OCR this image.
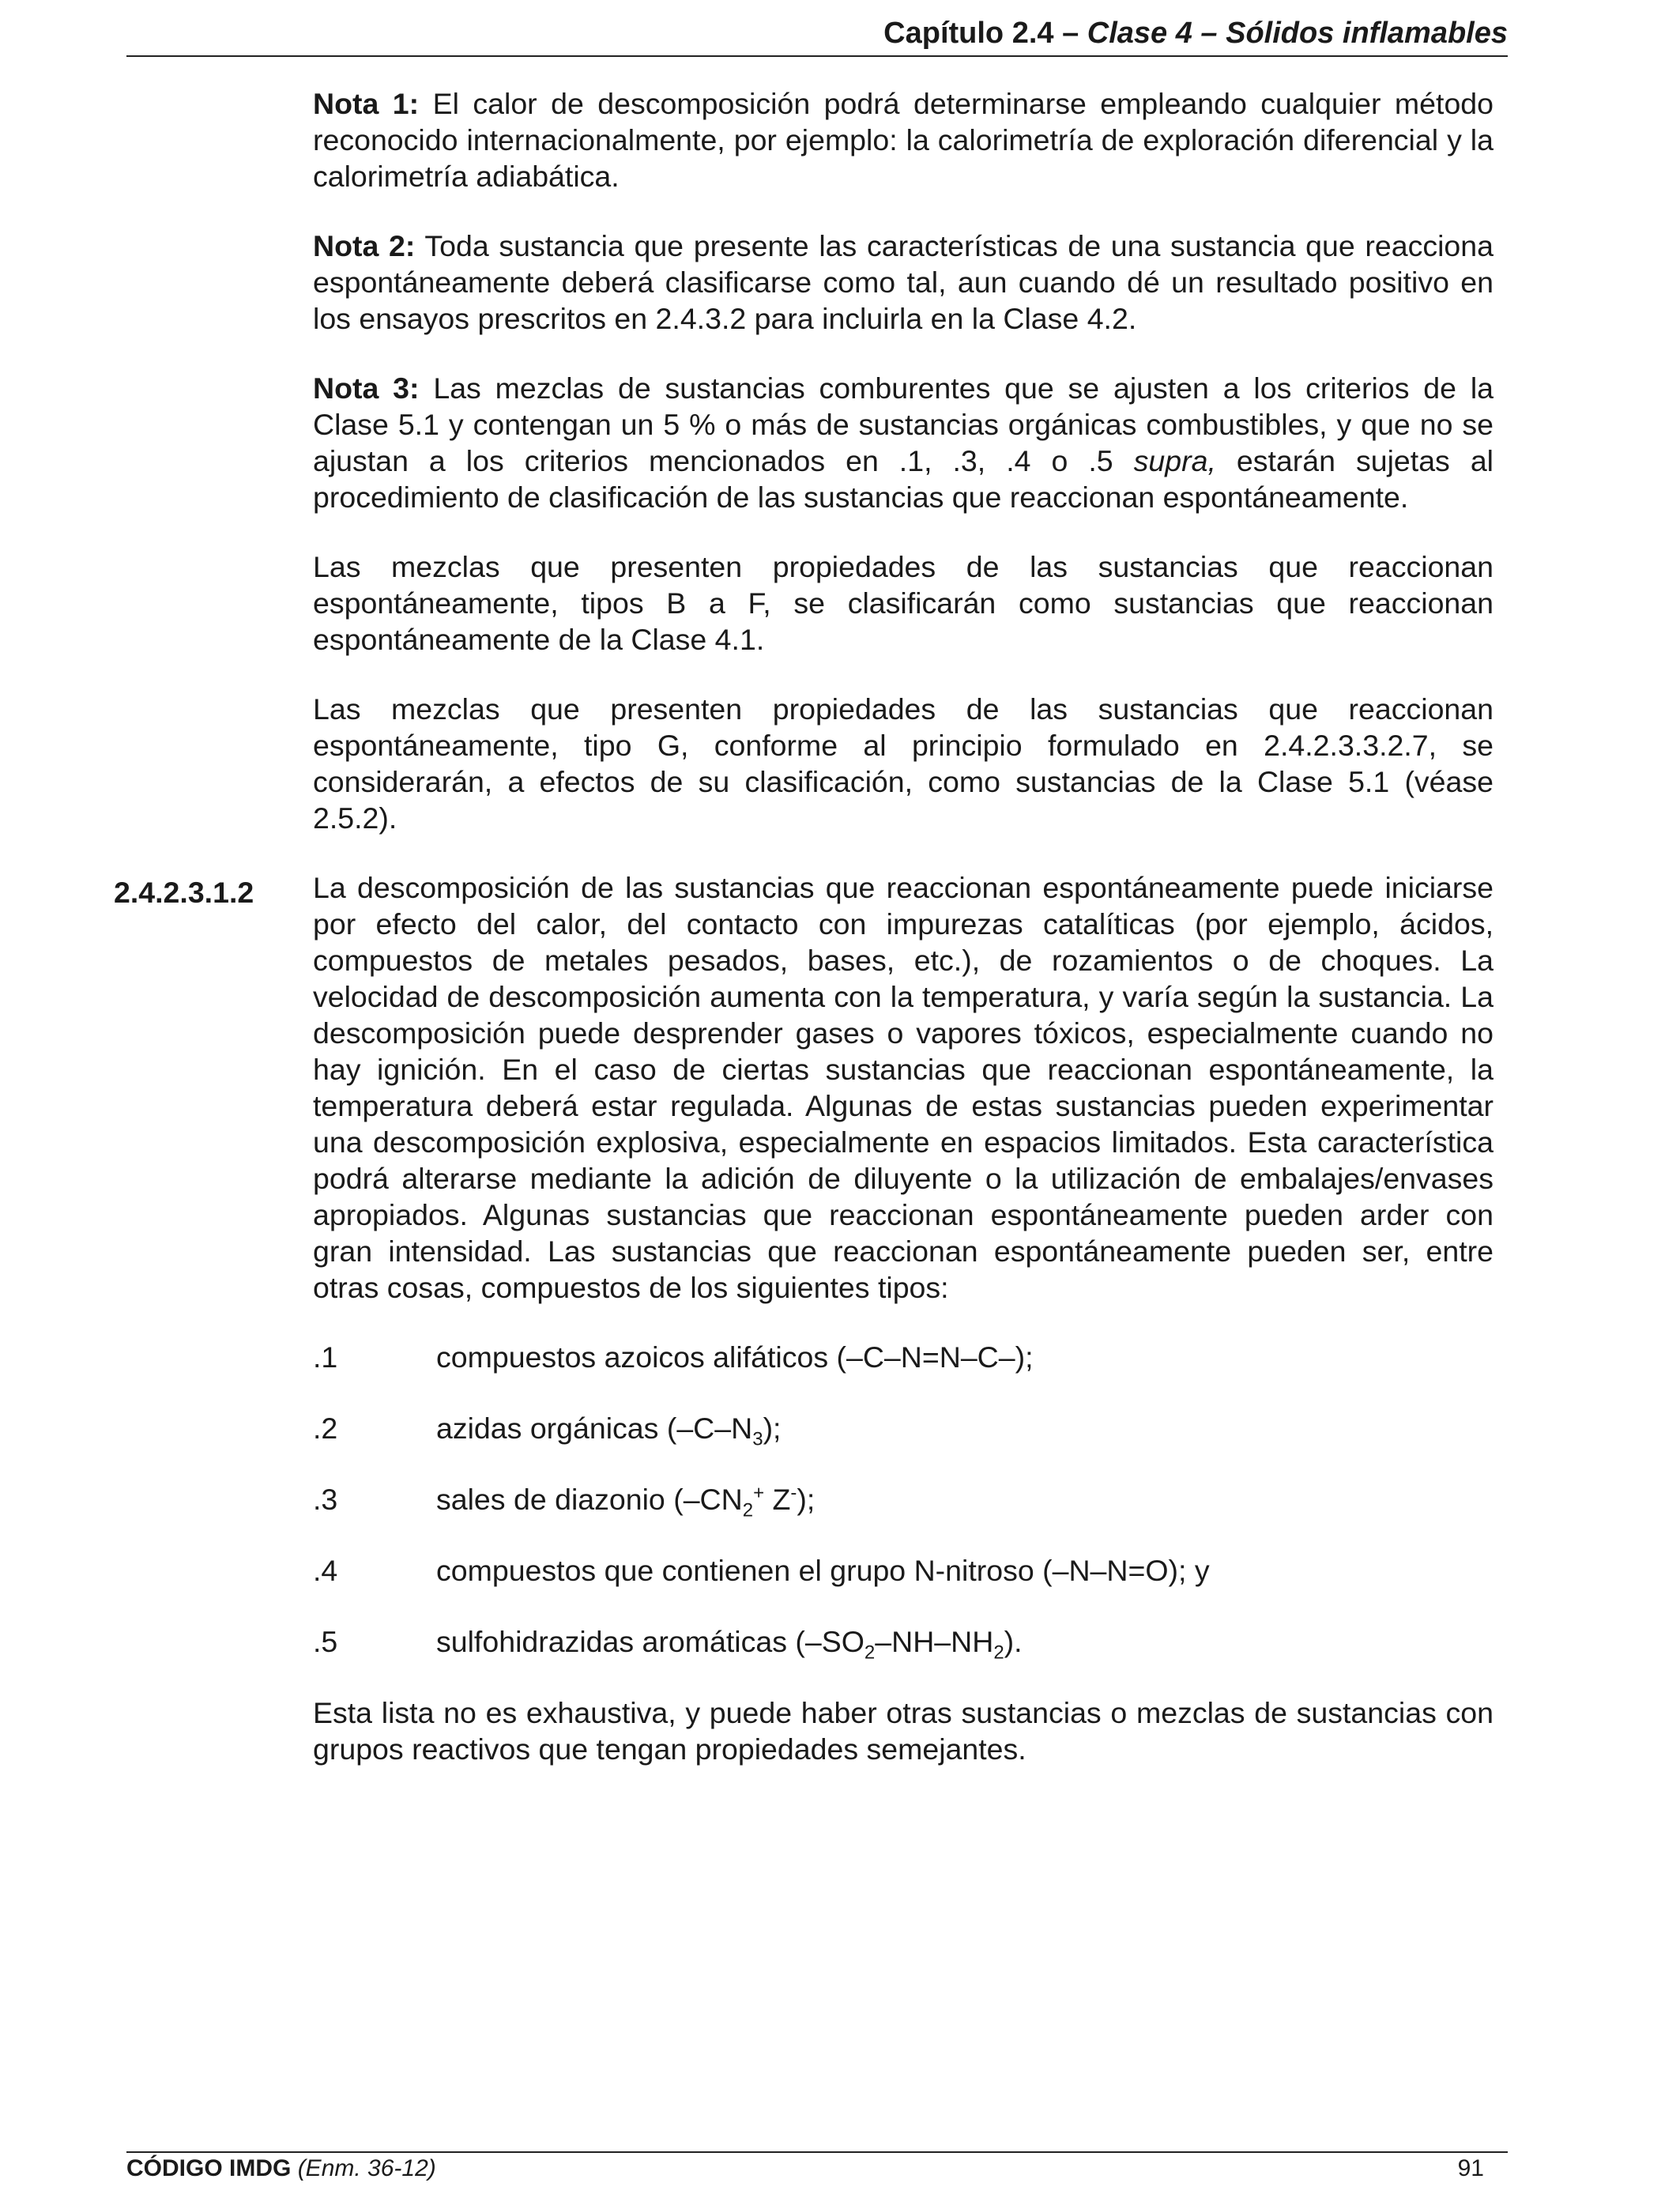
Capítulo 2.4 – Clase 4 – Sólidos inflamables
2.4.2.3.1.2

Nota 1: El calor de descomposición podrá determinarse empleando cualquier método reconocido internacionalmente, por ejemplo: la calorimetría de exploración diferencial y la calorimetría adiabática.

Nota 2: Toda sustancia que presente las características de una sustancia que reacciona espontáneamente deberá clasificarse como tal, aun cuando dé un resultado positivo en los ensayos prescritos en 2.4.3.2 para incluirla en la Clase 4.2.

Nota 3: Las mezclas de sustancias comburentes que se ajusten a los criterios de la Clase 5.1 y contengan un 5 % o más de sustancias orgánicas combustibles, y que no se ajustan a los criterios mencionados en .1, .3, .4 o .5 supra, estarán sujetas al procedimiento de clasificación de las sustancias que reaccionan espontáneamente.

Las mezclas que presenten propiedades de las sustancias que reaccionan espontáneamente, tipos B a F, se clasificarán como sustancias que reaccionan espontáneamente de la Clase 4.1.

Las mezclas que presenten propiedades de las sustancias que reaccionan espontáneamente, tipo G, conforme al principio formulado en 2.4.2.3.3.2.7, se considerarán, a efectos de su clasificación, como sustancias de la Clase 5.1 (véase 2.5.2).

La descomposición de las sustancias que reaccionan espontáneamente puede iniciarse por efecto del calor, del contacto con impurezas catalíticas (por ejemplo, ácidos, compuestos de metales pesados, bases, etc.), de rozamientos o de choques. La velocidad de descomposición aumenta con la temperatura, y varía según la sustancia. La descomposición puede desprender gases o vapores tóxicos, especialmente cuando no hay ignición. En el caso de ciertas sustancias que reaccionan espontáneamente, la temperatura deberá estar regulada. Algunas de estas sustancias pueden experimentar una descomposición explosiva, especialmente en espacios limitados. Esta característica podrá alterarse mediante la adición de diluyente o la utilización de embalajes/envases apropiados. Algunas sustancias que reaccionan espontáneamente pueden arder con gran intensidad. Las sustancias que reaccionan espontáneamente pueden ser, entre otras cosas, compuestos de los siguientes tipos:

.1	compuestos azoicos alifáticos (–C–N=N–C–);
.2	azidas orgánicas $(-C-N_3)$;
.3	sales de diazonio ($-CN_2^+$ Z-);
.4	compuestos que contienen el grupo N-nitroso (–N–N=O); y
.5	sulfohidrazidas aromáticas $(-SO_2-NH-NH_2)$.

Esta lista no es exhaustiva, y puede haber otras sustancias o mezclas de sustancias con grupos reactivos que tengan propiedades semejantes.

CÓDIGO IMDG (Enm. 36-12)	91
